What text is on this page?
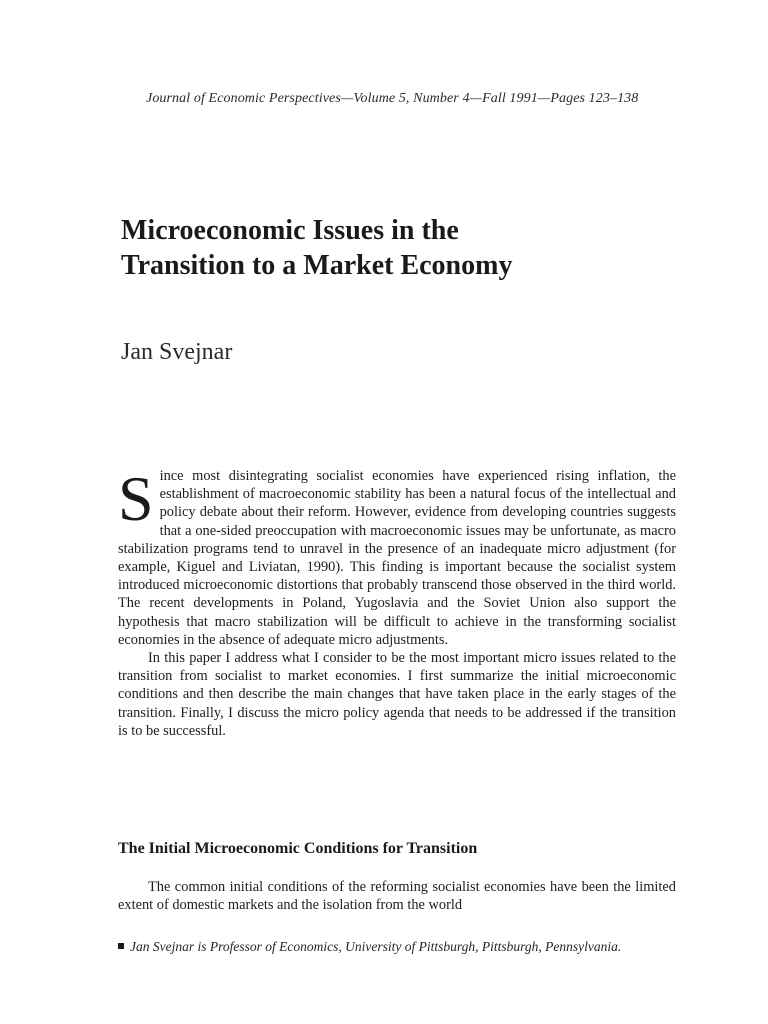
Journal of Economic Perspectives—Volume 5, Number 4—Fall 1991—Pages 123–138
Microeconomic Issues in the
Transition to a Market Economy
Jan Svejnar

Since most disintegrating socialist economies have experienced rising inflation, the establishment of macroeconomic stability has been a natural focus of the intellectual and policy debate about their reform. However, evidence from developing countries suggests that a one-sided preoccupation with macroeconomic issues may be unfortunate, as macro stabilization programs tend to unravel in the presence of an inadequate micro adjustment (for example, Kiguel and Liviatan, 1990). This finding is important because the socialist system introduced microeconomic distortions that probably transcend those observed in the third world. The recent developments in Poland, Yugoslavia and the Soviet Union also support the hypothesis that macro stabilization will be difficult to achieve in the transforming socialist economies in the absence of adequate micro adjustments.

In this paper I address what I consider to be the most important micro issues related to the transition from socialist to market economies. I first summarize the initial microeconomic conditions and then describe the main changes that have taken place in the early stages of the transition. Finally, I discuss the micro policy agenda that needs to be addressed if the transition is to be successful.

The Initial Microeconomic Conditions for Transition

The common initial conditions of the reforming socialist economies have been the limited extent of domestic markets and the isolation from the world

Jan Svejnar is Professor of Economics, University of Pittsburgh, Pittsburgh, Pennsylvania.
